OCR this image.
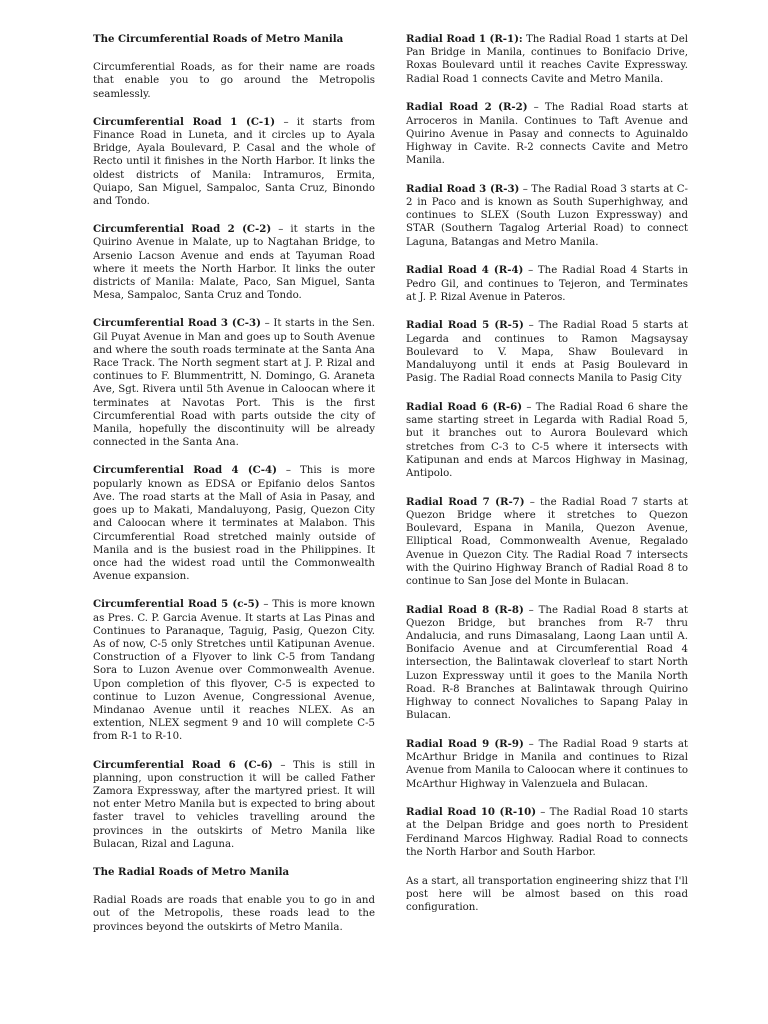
The Circumferential Roads of Metro Manila

Circumferential Roads, as for their name are roads that enable you to go around the Metropolis seamlessly.

Circumferential Road 1 (C-1) – it starts from Finance Road in Luneta, and it circles up to Ayala Bridge, Ayala Boulevard, P. Casal and the whole of Recto until it finishes in the North Harbor. It links the oldest districts of Manila: Intramuros, Ermita, Quiapo, San Miguel, Sampaloc, Santa Cruz, Binondo and Tondo.

Circumferential Road 2 (C-2) – it starts in the Quirino Avenue in Malate, up to Nagtahan Bridge, to Arsenio Lacson Avenue and ends at Tayuman Road where it meets the North Harbor. It links the outer districts of Manila: Malate, Paco, San Miguel, Santa Mesa, Sampaloc, Santa Cruz and Tondo.

Circumferential Road 3 (C-3) – It starts in the Sen. Gil Puyat Avenue in Man and goes up to South Avenue and where the south roads terminate at the Santa Ana Race Track. The North segment start at J. P. Rizal and continues to F. Blummentritt, N. Domingo, G. Araneta Ave, Sgt. Rivera until 5th Avenue in Caloocan where it terminates at Navotas Port. This is the first Circumferential Road with parts outside the city of Manila, hopefully the discontinuity will be already connected in the Santa Ana.

Circumferential Road 4 (C-4) – This is more popularly known as EDSA or Epifanio delos Santos Ave. The road starts at the Mall of Asia in Pasay, and goes up to Makati, Mandaluyong, Pasig, Quezon City and Caloocan where it terminates at Malabon. This Circumferential Road stretched mainly outside of Manila and is the busiest road in the Philippines. It once had the widest road until the Commonwealth Avenue expansion.

Circumferential Road 5 (c-5) – This is more known as Pres. C. P. Garcia Avenue. It starts at Las Pinas and Continues to Paranaque, Taguig, Pasig, Quezon City. As of now, C-5 only Stretches until Katipunan Avenue. Construction of a Flyover to link C-5 from Tandang Sora to Luzon Avenue over Commonwealth Avenue. Upon completion of this flyover, C-5 is expected to continue to Luzon Avenue, Congressional Avenue, Mindanao Avenue until it reaches NLEX. As an extention, NLEX segment 9 and 10 will complete C-5 from R-1 to R-10.

Circumferential Road 6 (C-6) – This is still in planning, upon construction it will be called Father Zamora Expressway, after the martyred priest. It will not enter Metro Manila but is expected to bring about faster travel to vehicles travelling around the provinces in the outskirts of Metro Manila like Bulacan, Rizal and Laguna.

The Radial Roads of Metro Manila

Radial Roads are roads that enable you to go in and out of the Metropolis, these roads lead to the provinces beyond the outskirts of Metro Manila.

Radial Road 1 (R-1): The Radial Road 1 starts at Del Pan Bridge in Manila, continues to Bonifacio Drive, Roxas Boulevard until it reaches Cavite Expressway. Radial Road 1 connects Cavite and Metro Manila.

Radial Road 2 (R-2) – The Radial Road starts at Arroceros in Manila. Continues to Taft Avenue and Quirino Avenue in Pasay and connects to Aguinaldo Highway in Cavite. R-2 connects Cavite and Metro Manila.

Radial Road 3 (R-3) – The Radial Road 3 starts at C-2 in Paco and is known as South Superhighway, and continues to SLEX (South Luzon Expressway) and STAR (Southern Tagalog Arterial Road) to connect Laguna, Batangas and Metro Manila.

Radial Road 4 (R-4) – The Radial Road 4 Starts in Pedro Gil, and continues to Tejeron, and Terminates at J. P. Rizal Avenue in Pateros.

Radial Road 5 (R-5) – The Radial Road 5 starts at Legarda and continues to Ramon Magsaysay Boulevard to V. Mapa, Shaw Boulevard in Mandaluyong until it ends at Pasig Boulevard in Pasig. The Radial Road connects Manila to Pasig City

Radial Road 6 (R-6) – The Radial Road 6 share the same starting street in Legarda with Radial Road 5, but it branches out to Aurora Boulevard which stretches from C-3 to C-5 where it intersects with Katipunan and ends at Marcos Highway in Masinag, Antipolo.

Radial Road 7 (R-7) – the Radial Road 7 starts at Quezon Bridge where it stretches to Quezon Boulevard, Espana in Manila, Quezon Avenue, Elliptical Road, Commonwealth Avenue, Regalado Avenue in Quezon City. The Radial Road 7 intersects with the Quirino Highway Branch of Radial Road 8 to continue to San Jose del Monte in Bulacan.

Radial Road 8 (R-8) – The Radial Road 8 starts at Quezon Bridge, but branches from R-7 thru Andalucia, and runs Dimasalang, Laong Laan until A. Bonifacio Avenue and at Circumferential Road 4 intersection, the Balintawak cloverleaf to start North Luzon Expressway until it goes to the Manila North Road. R-8 Branches at Balintawak through Quirino Highway to connect Novaliches to Sapang Palay in Bulacan.

Radial Road 9 (R-9) – The Radial Road 9 starts at McArthur Bridge in Manila and continues to Rizal Avenue from Manila to Caloocan where it continues to McArthur Highway in Valenzuela and Bulacan.

Radial Road 10 (R-10) – The Radial Road 10 starts at the Delpan Bridge and goes north to President Ferdinand Marcos Highway. Radial Road to connects the North Harbor and South Harbor.

As a start, all transportation engineering shizz that I'll post here will be almost based on this road configuration.
